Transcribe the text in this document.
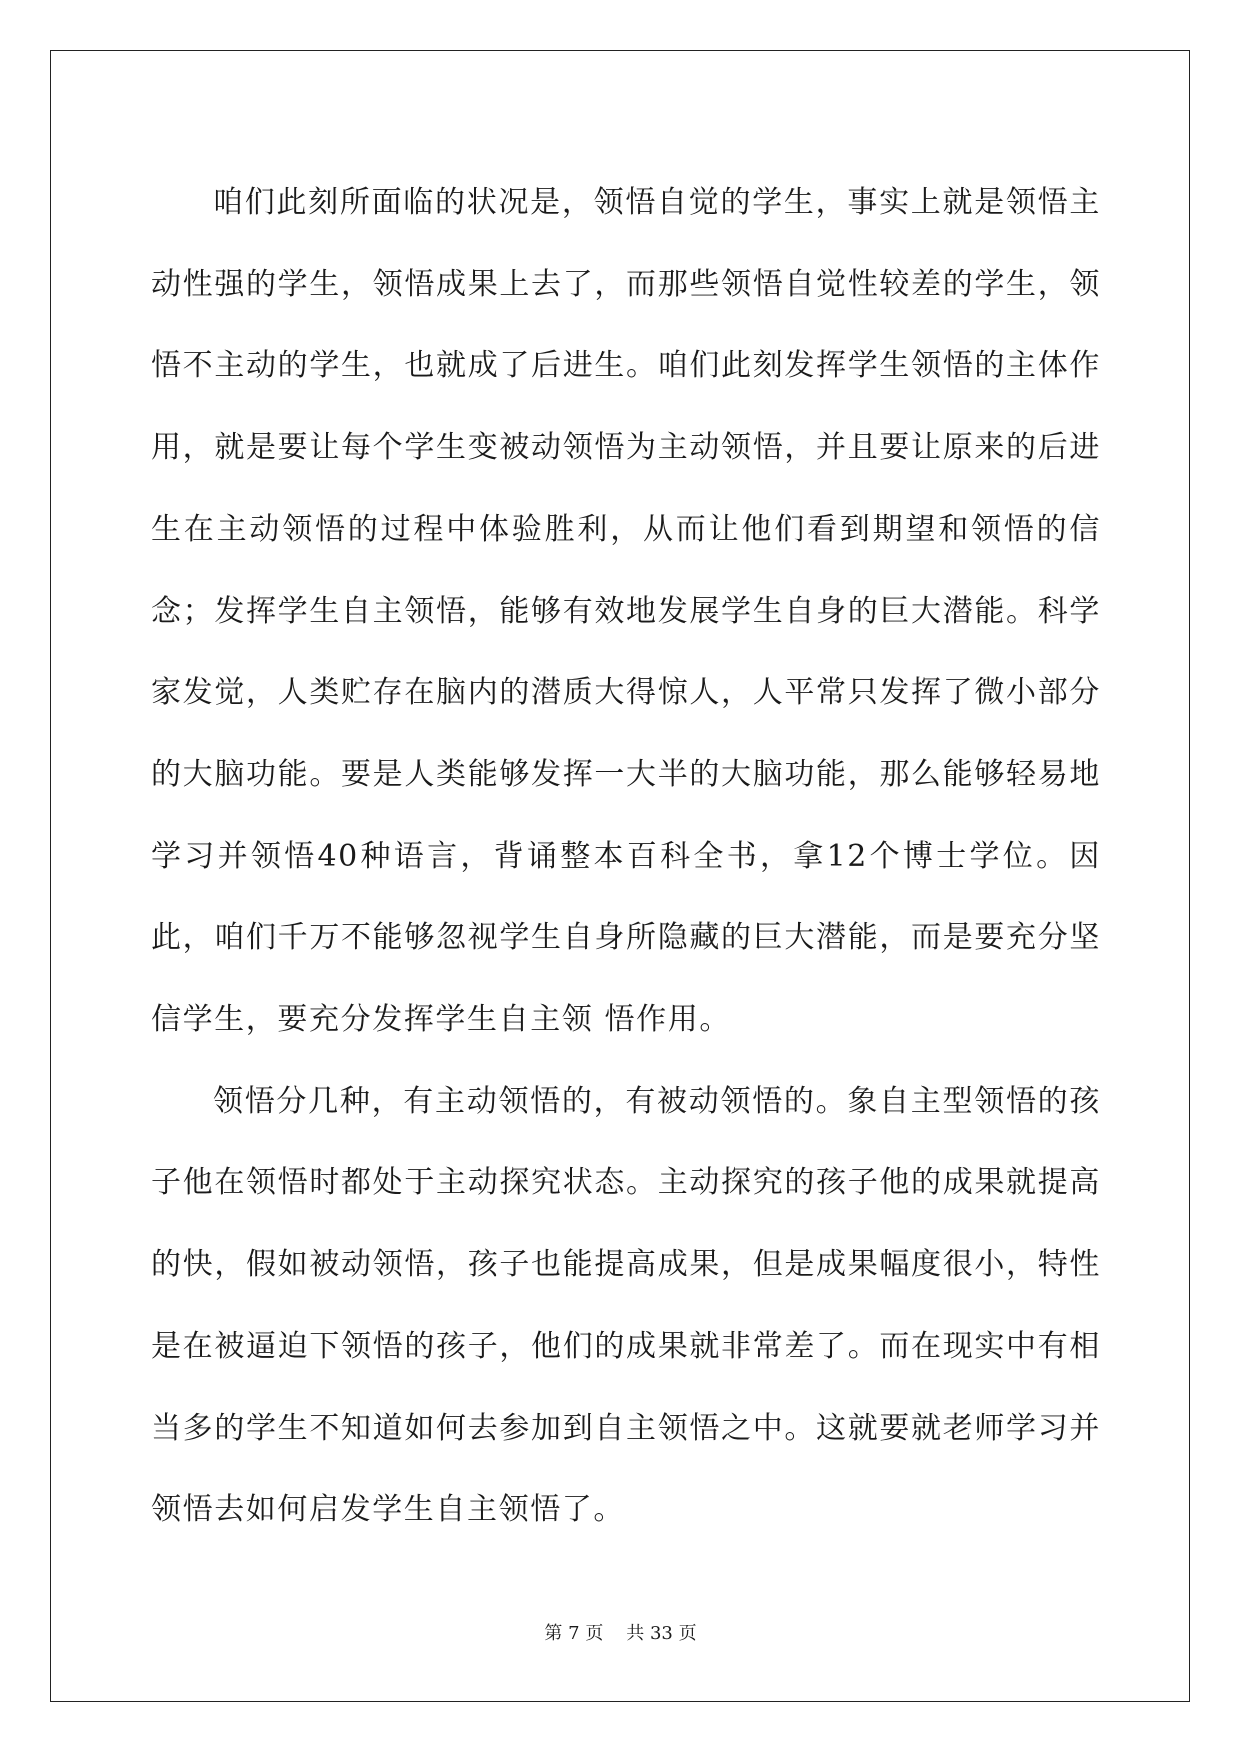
咱们此刻所面临的状况是，领悟自觉的学生，事实上就是领悟主动性强的学生，领悟成果上去了，而那些领悟自觉性较差的学生，领悟不主动的学生，也就成了后进生。咱们此刻发挥学生领悟的主体作用，就是要让每个学生变被动领悟为主动领悟，并且要让原来的后进生在主动领悟的过程中体验胜利，从而让他们看到期望和领悟的信念；发挥学生自主领悟，能够有效地发展学生自身的巨大潜能。科学家发觉，人类贮存在脑内的潜质大得惊人，人平常只发挥了微小部分的大脑功能。要是人类能够发挥一大半的大脑功能，那么能够轻易地学习并领悟40种语言，背诵整本百科全书，拿12个博士学位。因此，咱们千万不能够忽视学生自身所隐藏的巨大潜能，而是要充分坚信学生，要充分发挥学生自主领 悟作用。

领悟分几种，有主动领悟的，有被动领悟的。象自主型领悟的孩子他在领悟时都处于主动探究状态。主动探究的孩子他的成果就提高的快，假如被动领悟，孩子也能提高成果，但是成果幅度很小，特性是在被逼迫下领悟的孩子，他们的成果就非常差了。而在现实中有相当多的学生不知道如何去参加到自主领悟之中。这就要就老师学习并领悟去如何启发学生自主领悟了。

第 7 页 共 33 页
